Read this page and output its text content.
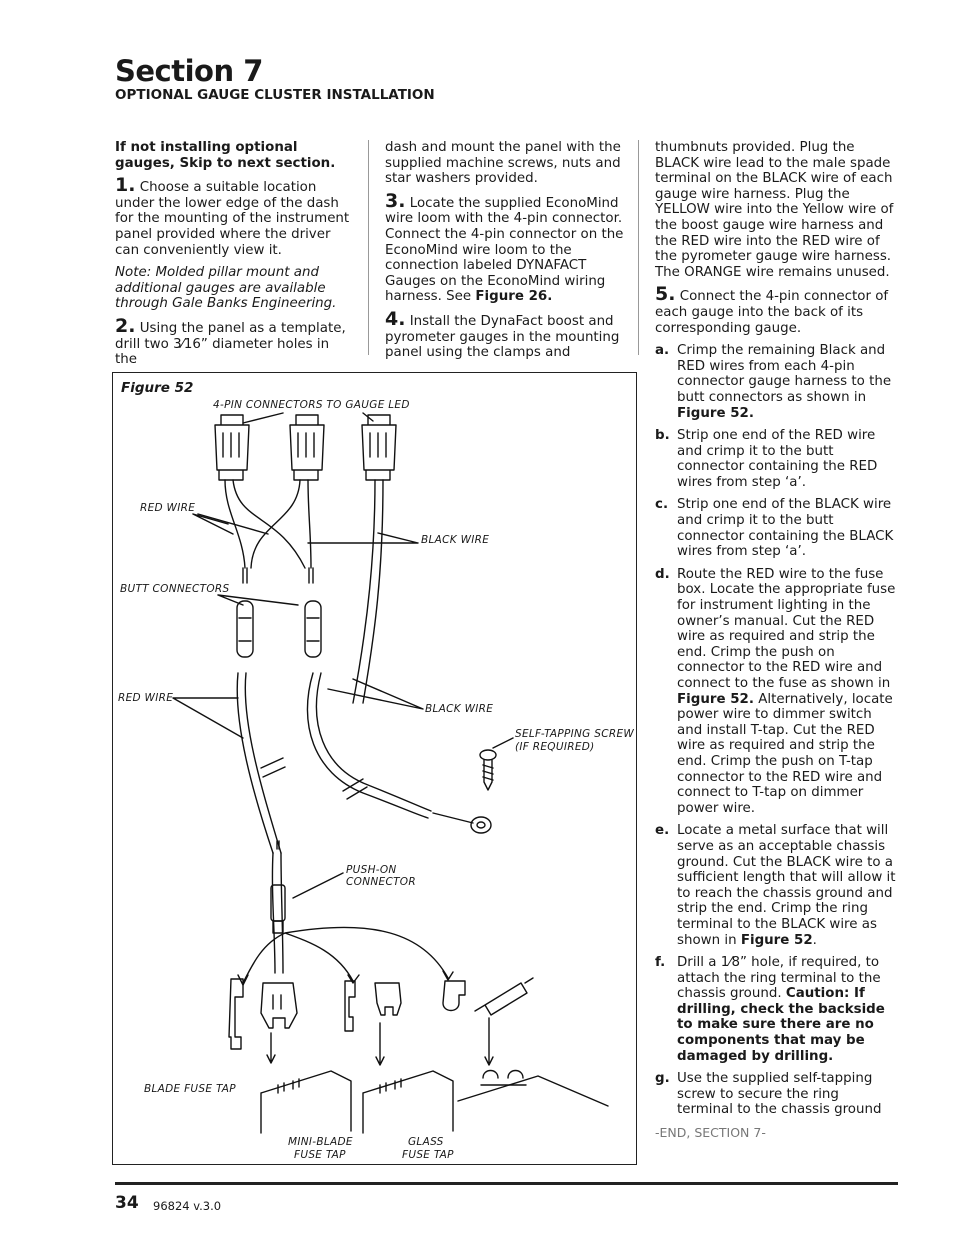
Section 7
OPTIONAL GAUGE CLUSTER INSTALLATION

If not installing optional gauges, Skip to next section.

1. Choose a suitable location under the lower edge of the dash for the mounting of the instrument panel provided where the driver can conveniently view it.

Note: Molded pillar mount and additional gauges are available through Gale Banks Engineering.

2. Using the panel as a template, drill two 3⁄16” diameter holes in the

dash and mount the panel with the supplied machine screws, nuts and star washers provided.

3. Locate the supplied EconoMind wire loom with the 4-pin connector. Connect the 4-pin connector on the EconoMind wire loom to the connection labeled DYNAFACT Gauges on the EconoMind wiring harness. See Figure 26.

4. Install the DynaFact boost and pyrometer gauges in the mounting panel using the clamps and

thumbnuts provided. Plug the BLACK wire lead to the male spade terminal on the BLACK wire of each gauge wire harness. Plug the YELLOW wire into the Yellow wire of the boost gauge wire harness and the RED wire into the RED wire of the pyrometer gauge wire harness. The ORANGE wire remains unused.

5. Connect the 4-pin connector of each gauge into the back of its corresponding gauge.

a. Crimp the remaining Black and RED wires from each 4-pin connector gauge harness to the butt connectors as shown in Figure 52.
b. Strip one end of the RED wire and crimp it to the butt connector containing the RED wires from step ‘a’.
c. Strip one end of the BLACK wire and crimp it to the butt connector containing the BLACK wires from step ‘a’.
d. Route the RED wire to the fuse box. Locate the appropriate fuse for instrument lighting in the owner’s manual. Cut the RED wire as required and strip the end. Crimp the push on connector to the RED wire and connect to the fuse as shown in Figure 52. Alternatively, locate power wire to dimmer switch and install T-tap. Cut the RED wire as required and strip the end. Crimp the push on T-tap connector to the RED wire and connect to T-tap on dimmer power wire.
e. Locate a metal surface that will serve as an acceptable chassis ground. Cut the BLACK wire to a sufficient length that will allow it to reach the chassis ground and strip the end. Crimp the ring terminal to the BLACK wire as shown in Figure 52.
f. Drill a 1⁄8” hole, if required, to attach the ring terminal to the chassis ground. Caution: If drilling, check the backside to make sure there are no components that may be damaged by drilling.
g. Use the supplied self-tapping screw to secure the ring terminal to the chassis ground

-END, SECTION 7-

Figure 52
4-PIN CONNECTORS TO GAUGE LED
RED WIRE
BLACK WIRE
BUTT CONNECTORS
RED WIRE
BLACK WIRE
SELF-TAPPING SCREW
(IF REQUIRED)
PUSH-ON
CONNECTOR
BLADE FUSE TAP
MINI-BLADE
FUSE TAP
GLASS
FUSE TAP
34 96824 v.3.0
